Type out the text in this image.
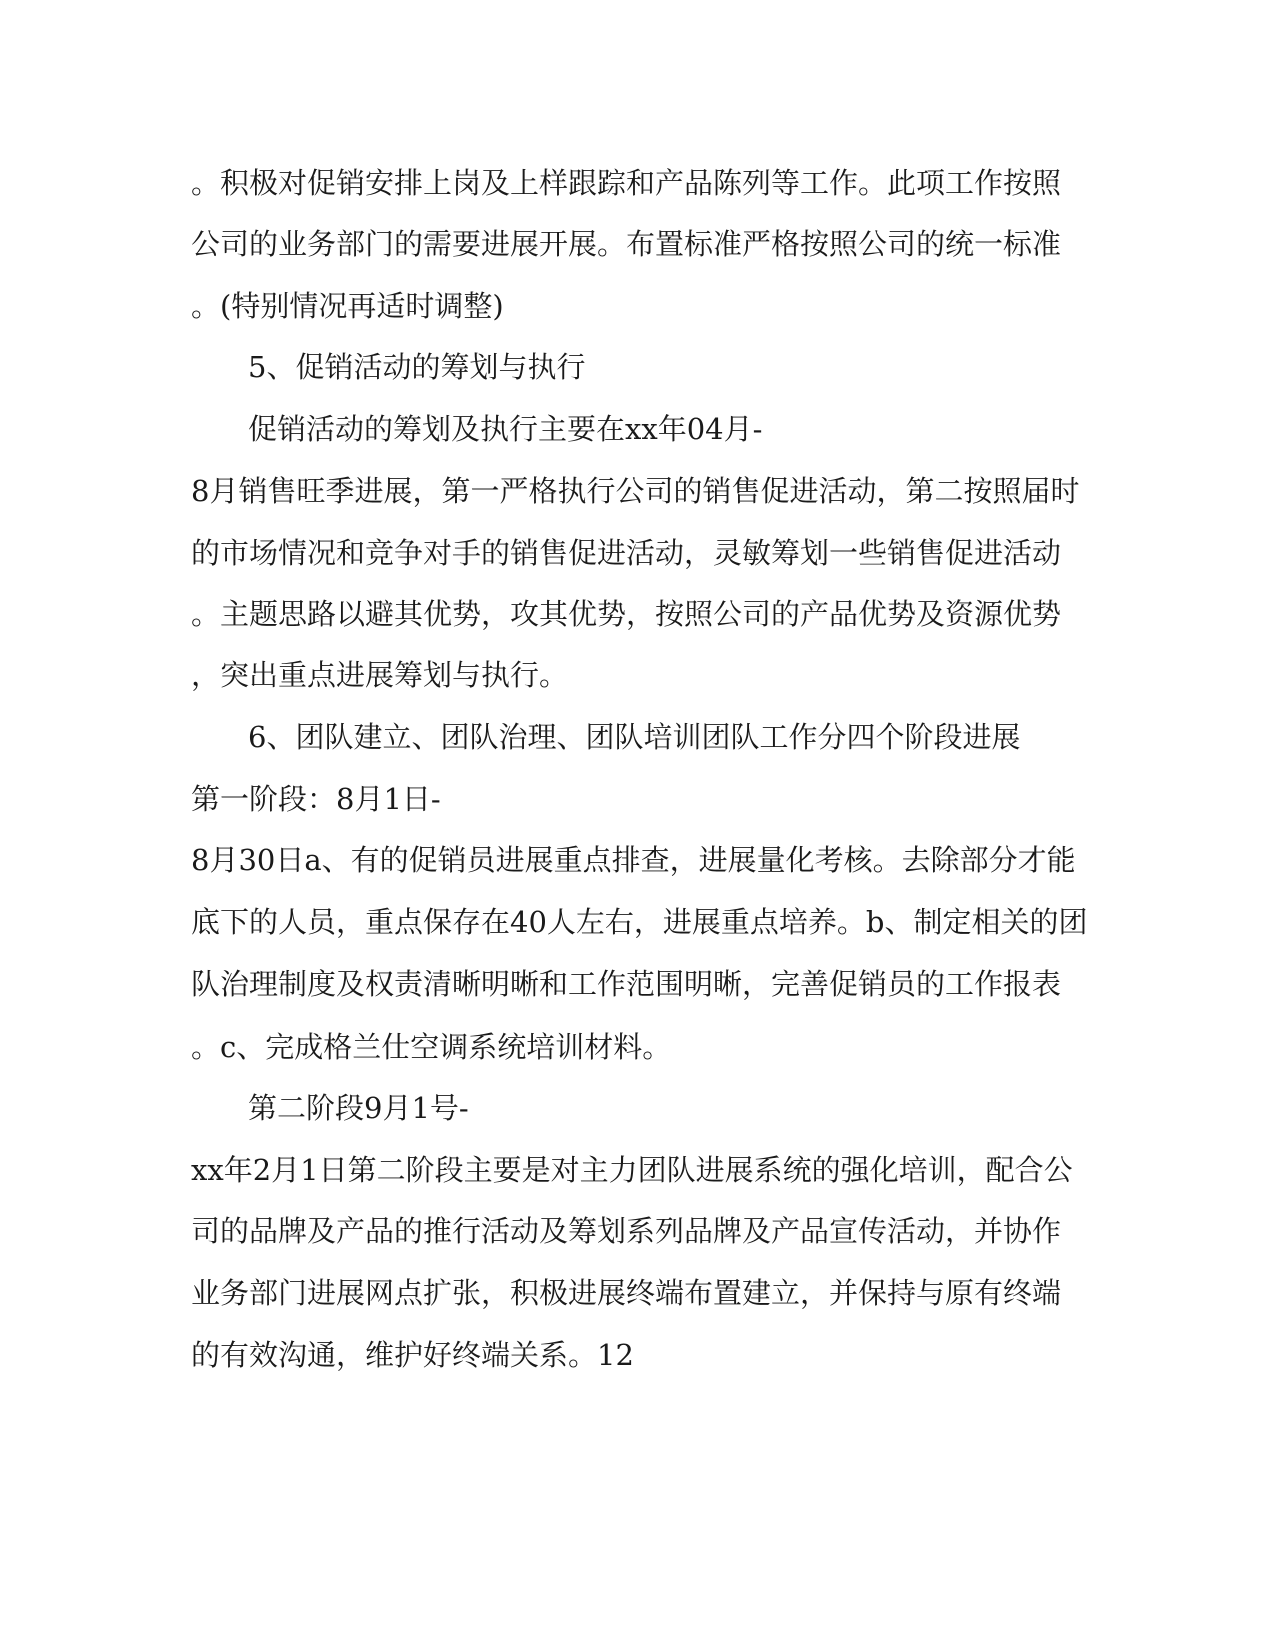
。积极对促销安排上岗及上样跟踪和产品陈列等工作。此项工作按照
公司的业务部门的需要进展开展。布置标准严格按照公司的统一标准
。(特别情况再适时调整)
5、促销活动的筹划与执行
促销活动的筹划及执行主要在xx年04月-
8月销售旺季进展，第一严格执行公司的销售促进活动，第二按照届时
的市场情况和竞争对手的销售促进活动，灵敏筹划一些销售促进活动
。主题思路以避其优势，攻其优势，按照公司的产品优势及资源优势
，突出重点进展筹划与执行。
6、团队建立、团队治理、团队培训团队工作分四个阶段进展
第一阶段：8月1日-
8月30日a、有的促销员进展重点排查，进展量化考核。去除部分才能
底下的人员，重点保存在40人左右，进展重点培养。b、制定相关的团
队治理制度及权责清晰明晰和工作范围明晰，完善促销员的工作报表
。c、完成格兰仕空调系统培训材料。
第二阶段9月1号-
xx年2月1日第二阶段主要是对主力团队进展系统的强化培训，配合公
司的品牌及产品的推行活动及筹划系列品牌及产品宣传活动，并协作
业务部门进展网点扩张，积极进展终端布置建立，并保持与原有终端
的有效沟通，维护好终端关系。12
